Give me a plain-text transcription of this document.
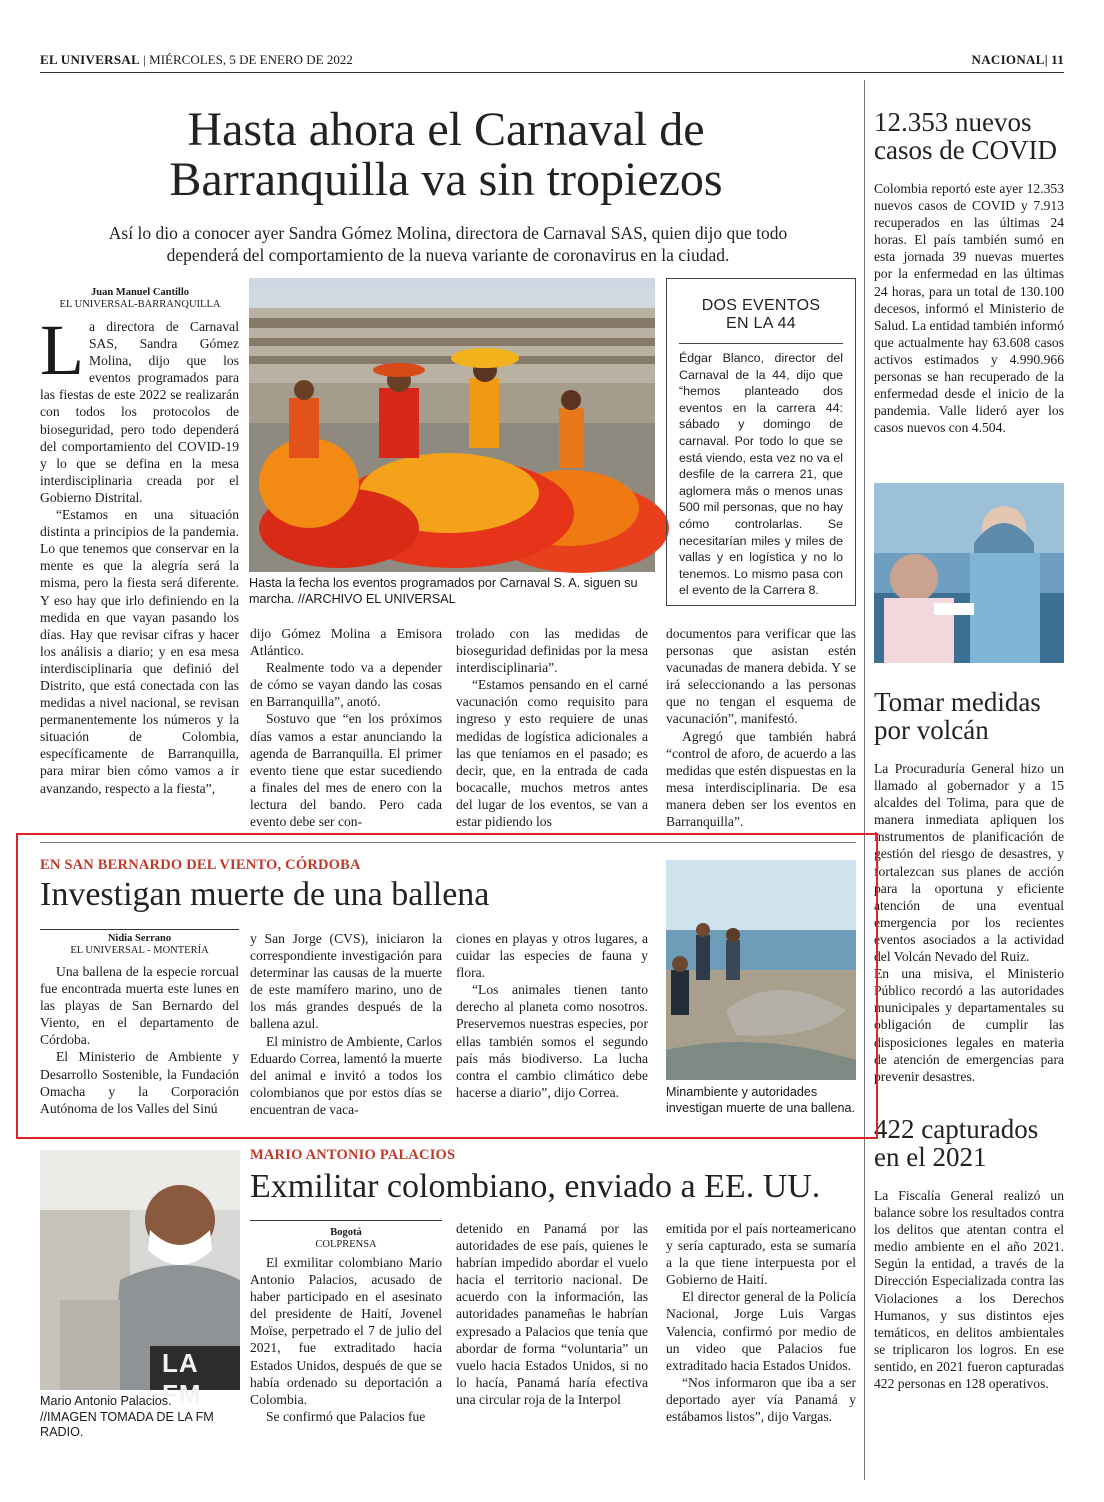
EL UNIVERSAL | MIÉRCOLES, 5 DE ENERO DE 2022	NACIONAL| 11
Hasta ahora el Carnaval de
Barranquilla va sin tropiezos
Así lo dio a conocer ayer Sandra Gómez Molina, directora de Carnaval SAS, quien dijo que todo dependerá del comportamiento de la nueva variante de coronavirus en la ciudad.
Juan Manuel Cantillo
EL UNIVERSAL-BARRANQUILLA
L a directora de Carnaval SAS, Sandra Gómez Molina, dijo que los eventos programados para las fiestas de este 2022 se realizarán con todos los protocolos de bioseguridad, pero todo dependerá del comportamiento del COVID-19 y lo que se defina en la mesa interdisciplinaria creada por el Gobierno Distrital.

“Estamos en una situación distinta a principios de la pandemia. Lo que tenemos que conservar en la mente es que la alegría será la misma, pero la fiesta será diferente. Y eso hay que irlo definiendo en la medida en que vayan pasando los días. Hay que revisar cifras y hacer los análisis a diario; y en esa mesa interdisciplinaria que definió del Distrito, que está conectada con las medidas a nivel nacional, se revisan permanentemente los números y la situación de Colombia, específicamente de Barranquilla, para mirar bien cómo vamos a ir avanzando, respecto a la fiesta”,

Hasta la fecha los eventos programados por Carnaval S. A. siguen su marcha. //ARCHIVO EL UNIVERSAL
DOS EVENTOS
EN LA 44
Édgar Blanco, director del Carnaval de la 44, dijo que “hemos planteado dos eventos en la carrera 44: sábado y domingo de carnaval. Por todo lo que se está viendo, esta vez no va el desfile de la carrera 21, que aglomera más o menos unas 500 mil personas, que no hay cómo controlarlas. Se necesitarían miles y miles de vallas y en logística y no lo tenemos. Lo mismo pasa con el evento de la Carrera 8.

dijo Gómez Molina a Emisora Atlántico.

Realmente todo va a depender de cómo se vayan dando las cosas en Barranquilla”, anotó.

Sostuvo que “en los próximos días vamos a estar anunciando la agenda de Barranquilla. El primer evento tiene que estar sucediendo a finales del mes de enero con la lectura del bando. Pero cada evento debe ser con-

trolado con las medidas de bioseguridad definidas por la mesa interdisciplinaria”.

“Estamos pensando en el carné vacunación como requisito para ingreso y esto requiere de unas medidas de logística adicionales a las que teníamos en el pasado; es decir, que, en la entrada de cada bocacalle, muchos metros antes del lugar de los eventos, se van a estar pidiendo los

documentos para verificar que las personas que asistan estén vacunadas de manera debida. Y se irá seleccionando a las personas que no tengan el esquema de vacunación”, manifestó.

Agregó que también habrá “control de aforo, de acuerdo a las medidas que estén dispuestas en la mesa interdisciplinaria. De esa manera deben ser los eventos en Barranquilla”.

12.353 nuevos
casos de COVID
Colombia reportó este ayer 12.353 nuevos casos de COVID y 7.913 recuperados en las últimas 24 horas. El país también sumó en esta jornada 39 nuevas muertes por la enfermedad en las últimas 24 horas, para un total de 130.100 decesos, informó el Ministerio de Salud. La entidad también informó que actualmente hay 63.608 casos activos estimados y 4.990.966 personas se han recuperado de la enfermedad desde el inicio de la pandemia. Valle lideró ayer los casos nuevos con 4.504.
Tomar medidas
por volcán

La Procuraduría General hizo un llamado al gobernador y a 15 alcaldes del Tolima, para que de manera inmediata apliquen los instrumentos de planificación de gestión del riesgo de desastres, y fortalezcan sus planes de acción para la oportuna y eficiente atención de una eventual emergencia por los recientes eventos asociados a la actividad del Volcán Nevado del Ruiz.

En una misiva, el Ministerio Público recordó a las autoridades municipales y departamentales su obligación de cumplir las disposiciones legales en materia de atención de emergencias para prevenir desastres.

422 capturados
en el 2021
La Fiscalía General realizó un balance sobre los resultados contra los delitos que atentan contra el medio ambiente en el año 2021. Según la entidad, a través de la Dirección Especializada contra las Violaciones a los Derechos Humanos, y sus distintos ejes temáticos, en delitos ambientales se triplicaron los logros. En ese sentido, en 2021 fueron capturadas 422 personas en 128 operativos.
EN SAN BERNARDO DEL VIENTO, CÓRDOBA
Investigan muerte de una ballena
Nidia Serrano
EL UNIVERSAL - MONTERÍA

Una ballena de la especie rorcual fue encontrada muerta este lunes en las playas de San Bernardo del Viento, en el departamento de Córdoba.

El Ministerio de Ambiente y Desarrollo Sostenible, la Fundación Omacha y la Corporación Autónoma de los Valles del Sinú

y San Jorge (CVS), iniciaron la correspondiente investigación para determinar las causas de la muerte de este mamífero marino, uno de los más grandes después de la ballena azul.

El ministro de Ambiente, Carlos Eduardo Correa, lamentó la muerte del animal e invitó a todos los colombianos que por estos días se encuentran de vaca-

ciones en playas y otros lugares, a cuidar las especies de fauna y flora.

“Los animales tienen tanto derecho al planeta como nosotros. Preservemos nuestras especies, por ellas también somos el segundo país más biodiverso. La lucha contra el cambio climático debe hacerse a diario”, dijo Correa.	Minambiente y autoridades investigan muerte de una ballena.
LA FM
Mario Antonio Palacios. //IMAGEN TOMADA DE LA FM RADIO.
MARIO ANTONIO PALACIOS
Exmilitar colombiano, enviado a EE. UU.
Bogotá
COLPRENSA

El exmilitar colombiano Mario Antonio Palacios, acusado de haber participado en el asesinato del presidente de Haití, Jovenel Moïse, perpetrado el 7 de julio del 2021, fue extraditado hacia Estados Unidos, después de que se había ordenado su deportación a Colombia.

Se confirmó que Palacios fue

detenido en Panamá por las autoridades de ese país, quienes le habrían impedido abordar el vuelo hacia el territorio nacional. De acuerdo con la información, las autoridades panameñas le habrían expresado a Palacios que tenía que abordar de forma “voluntaria” un vuelo hacia Estados Unidos, si no lo hacía, Panamá haría efectiva una circular roja de la Interpol

emitida por el país norteamericano y sería capturado, esta se sumaría a la que tiene interpuesta por el Gobierno de Haití.

El director general de la Policía Nacional, Jorge Luis Vargas Valencia, confirmó por medio de un video que Palacios fue extraditado hacia Estados Unidos.

“Nos informaron que iba a ser deportado ayer vía Panamá y estábamos listos”, dijo Vargas.
